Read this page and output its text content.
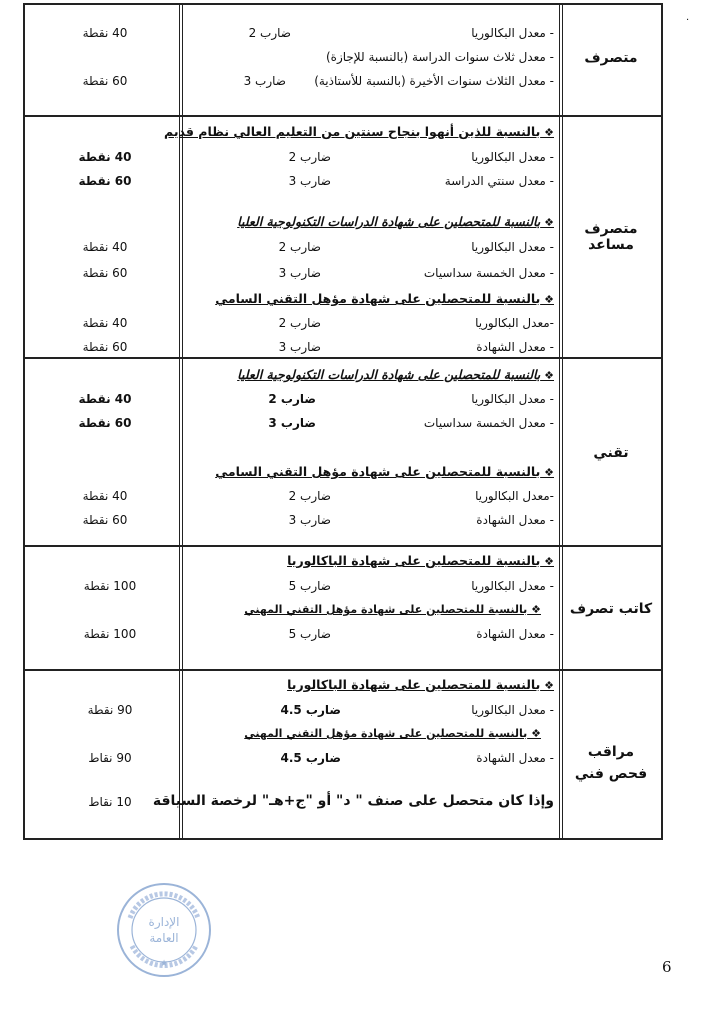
.
متصرف
- معدل البكالوريا
ضارب 2
40 نقطة
- معدل ثلاث سنوات الدراسة (بالنسبة للإجازة)
- معدل الثلاث سنوات الأخيرة (بالنسبة للأستاذية)
ضارب 3
60 نقطة
متصرف مساعد
❖ بالنسبة للذين أنهوا بنجاح سنتين من التعليم العالي نظام قديم
- معدل البكالوريا
ضارب 2
40 نقطة
- معدل سنتي الدراسة
ضارب 3
60 نقطة
❖ بالنسبة للمتحصلين على شهادة الدراسات التكنولوجية العليا
- معدل البكالوريا
ضارب 2
40 نقطة
- معدل الخمسة سداسيات
ضارب 3
❖ بالنسبة للمتحصلين على شهادة مؤهل التقني السامي
-معدل البكالوريا
ضارب 2
40 نقطة
- معدل الشهادة
ضارب 3
60 نقطة
60 نقطة
تقني
❖ بالنسبة للمتحصلين على شهادة الدراسات التكنولوجية العليا
- معدل البكالوريا
ضارب 2
40 نقطة
- معدل الخمسة سداسيات
ضارب 3
60 نقطة
❖ بالنسبة للمتحصلين على شهادة مؤهل التقني السامي
-معدل البكالوريا
ضارب 2
40 نقطة
- معدل الشهادة
ضارب 3
60 نقطة
كاتب تصرف
❖ بالنسبة للمتحصلين على شهادة الباكالوريا
- معدل البكالوريا
ضارب 5
100 نقطة
❖ بالنسبة للمتحصلين على شهادة مؤهل التقني المهني
- معدل الشهادة
ضارب 5
100 نقطة
مراقب فحص فني
❖ بالنسبة للمتحصلين على شهادة الباكالوريا
- معدل البكالوريا
ضارب 4.5
90 نقطة
❖ بالنسبة للمتحصلين على شهادة مؤهل التقني المهني
- معدل الشهادة
ضارب 4.5
90 نقاط
وإذا كان متحصل على صنف " د" أو "ج+هـ" لرخصة السياقة
10 نقاط
الإدارة
العامة
★	6
